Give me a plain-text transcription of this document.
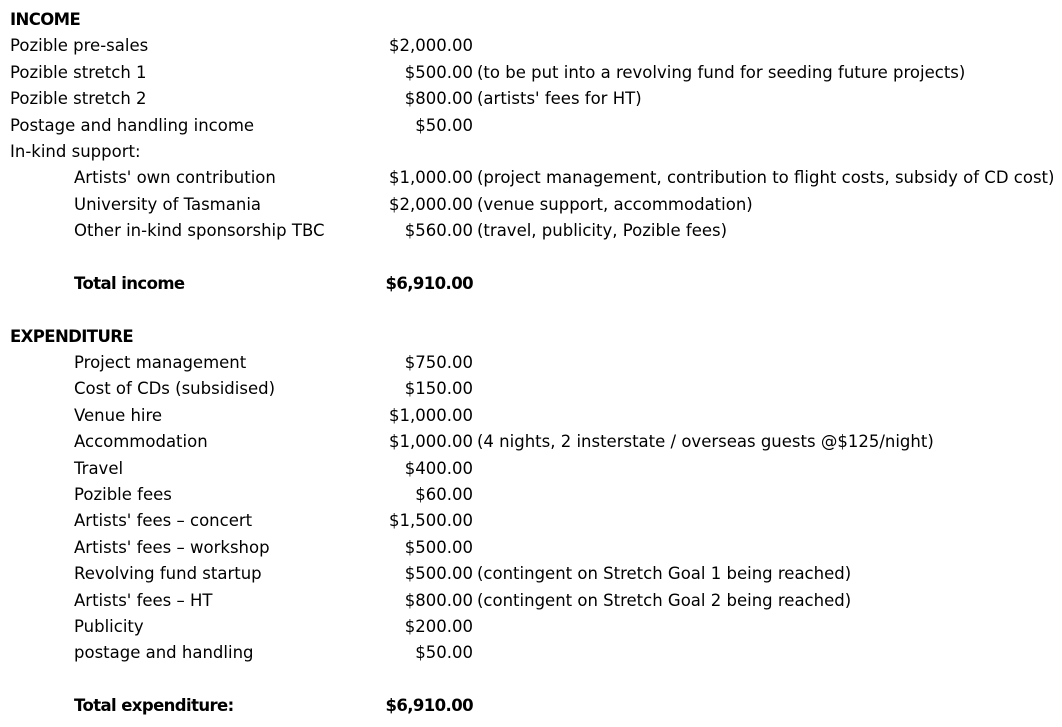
INCOME
Pozible pre-sales	$2,000.00
Pozible stretch 1	$500.00 (to be put into a revolving fund for seeding future projects)
Pozible stretch 2	$800.00 (artists' fees for HT)
Postage and handling income	$50.00
In-kind support:
Artists' own contribution	$1,000.00 (project management, contribution to flight costs, subsidy of CD cost)
University of Tasmania	$2,000.00 (venue support, accommodation)
Other in-kind sponsorship TBC	$560.00 (travel, publicity, Pozible fees)
Total income	$6,910.00
EXPENDITURE
Project management	$750.00
Cost of CDs (subsidised)	$150.00
Venue hire	$1,000.00
Accommodation	$1,000.00 (4 nights, 2 insterstate / overseas guests @$125/night)
Travel	$400.00
Pozible fees	$60.00
Artists' fees – concert	$1,500.00
Artists' fees – workshop	$500.00
Revolving fund startup	$500.00 (contingent on Stretch Goal 1 being reached)
Artists' fees – HT	$800.00 (contingent on Stretch Goal 2 being reached)
Publicity	$200.00
postage and handling	$50.00
Total expenditure:	$6,910.00
